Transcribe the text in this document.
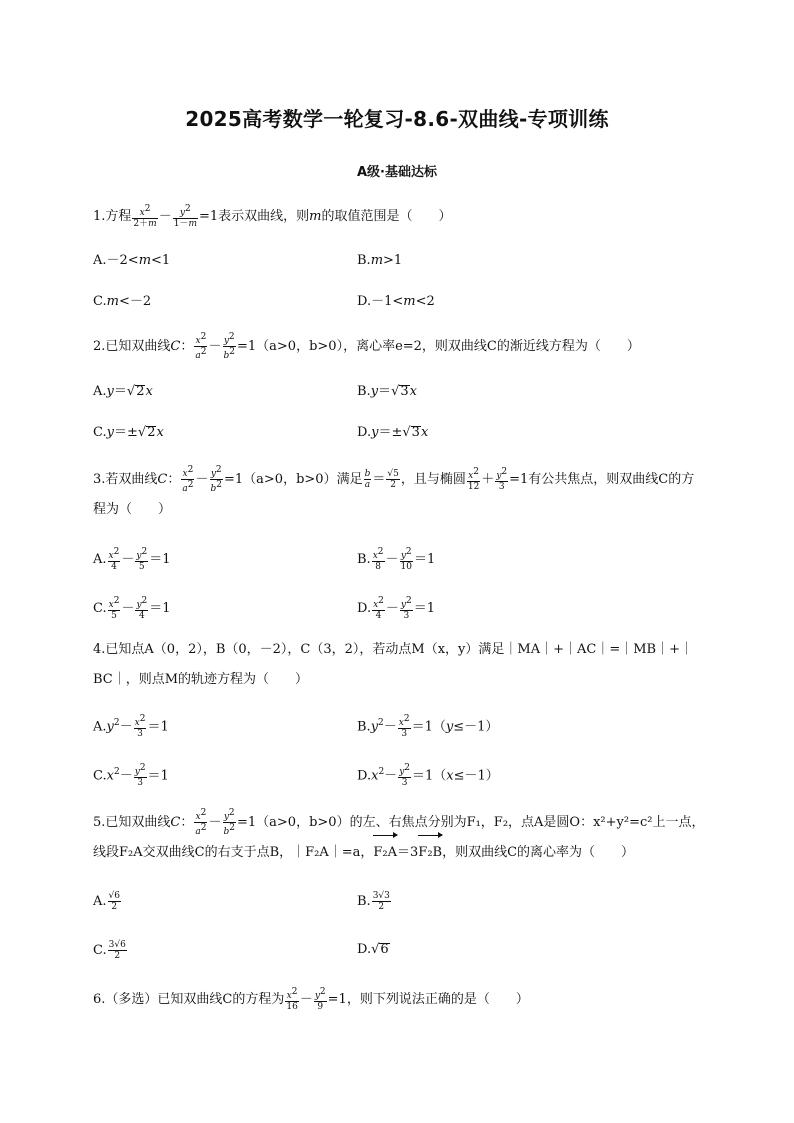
2025高考数学一轮复习-8.6-双曲线-专项训练
A级·基础达标
1.方程 $\frac{x^2}{2+m} - \frac{y^2}{1-m} =1$表示双曲线，则m的取值范围是（　　）
A.－2<m<1	B.m>1
C.m<－2	D.－1<m<2
2.已知双曲线C： $\frac{x^2}{a^2} - \frac{y^2}{b^2} =1(a>0$，b>0），离心率e=2，则双曲线C的渐近线方程为（　　）
A.y＝√2x	B.y＝√3x
C.y＝±√2x	D.y＝±√3x
3.若双曲线C： $\frac{x^2}{a^2} - \frac{y^2}{b^2} =1(a>0$，b>0）满足 $\frac{b}{a} = \frac{√5}{2}$ ，且与椭圆 $\frac{x^2}{12} + \frac{y^2}{3} =1$有公共焦点，则双曲线C的方程为（　　）
A. $\frac{x^2}{4} - \frac{y^2}{5} =1$	B. $\frac{x^2}{8} - \frac{y^2}{10} =1$
C. $\frac{x^2}{5} - \frac{y^2}{4} =1$	D. $\frac{x^2}{4} - \frac{y^2}{3} =1$
4.已知点A（0，2），B（0，－2），C（3，2），若动点M（x，y）满足｜MA｜+｜AC｜=｜MB｜+｜BC｜，则点M的轨迹方程为（　　）
$A.y^2- \frac{x^2}{3} =1$	$B.y^2- \frac{x^2}{3} =1(y\le-1)$
$C.x^2- \frac{y^2}{3} =1$	$D.x^2- \frac{y^2}{3} =1(x\le-1)$
5.已知双曲线C： $\frac{x^2}{a^2} - \frac{y^2}{b^2} =1(a>0$，b>0）的左、右焦点分别为F₁，F₂，点A是圆O：x²+y²=c²上一点，线段F₂A交双曲线C的右支于点B，｜F₂A｜=a，F₂A＝3F₂B，则双曲线C的离心率为（　　）
A. $\frac{√6}{2}$	B. $\frac{3√3}{2}$
C. $\frac{3√6}{2}$	D.√6
6.（多选）已知双曲线C的方程为 $\frac{x^2}{16} - \frac{y^2}{9} =1$，则下列说法正确的是（　　）
